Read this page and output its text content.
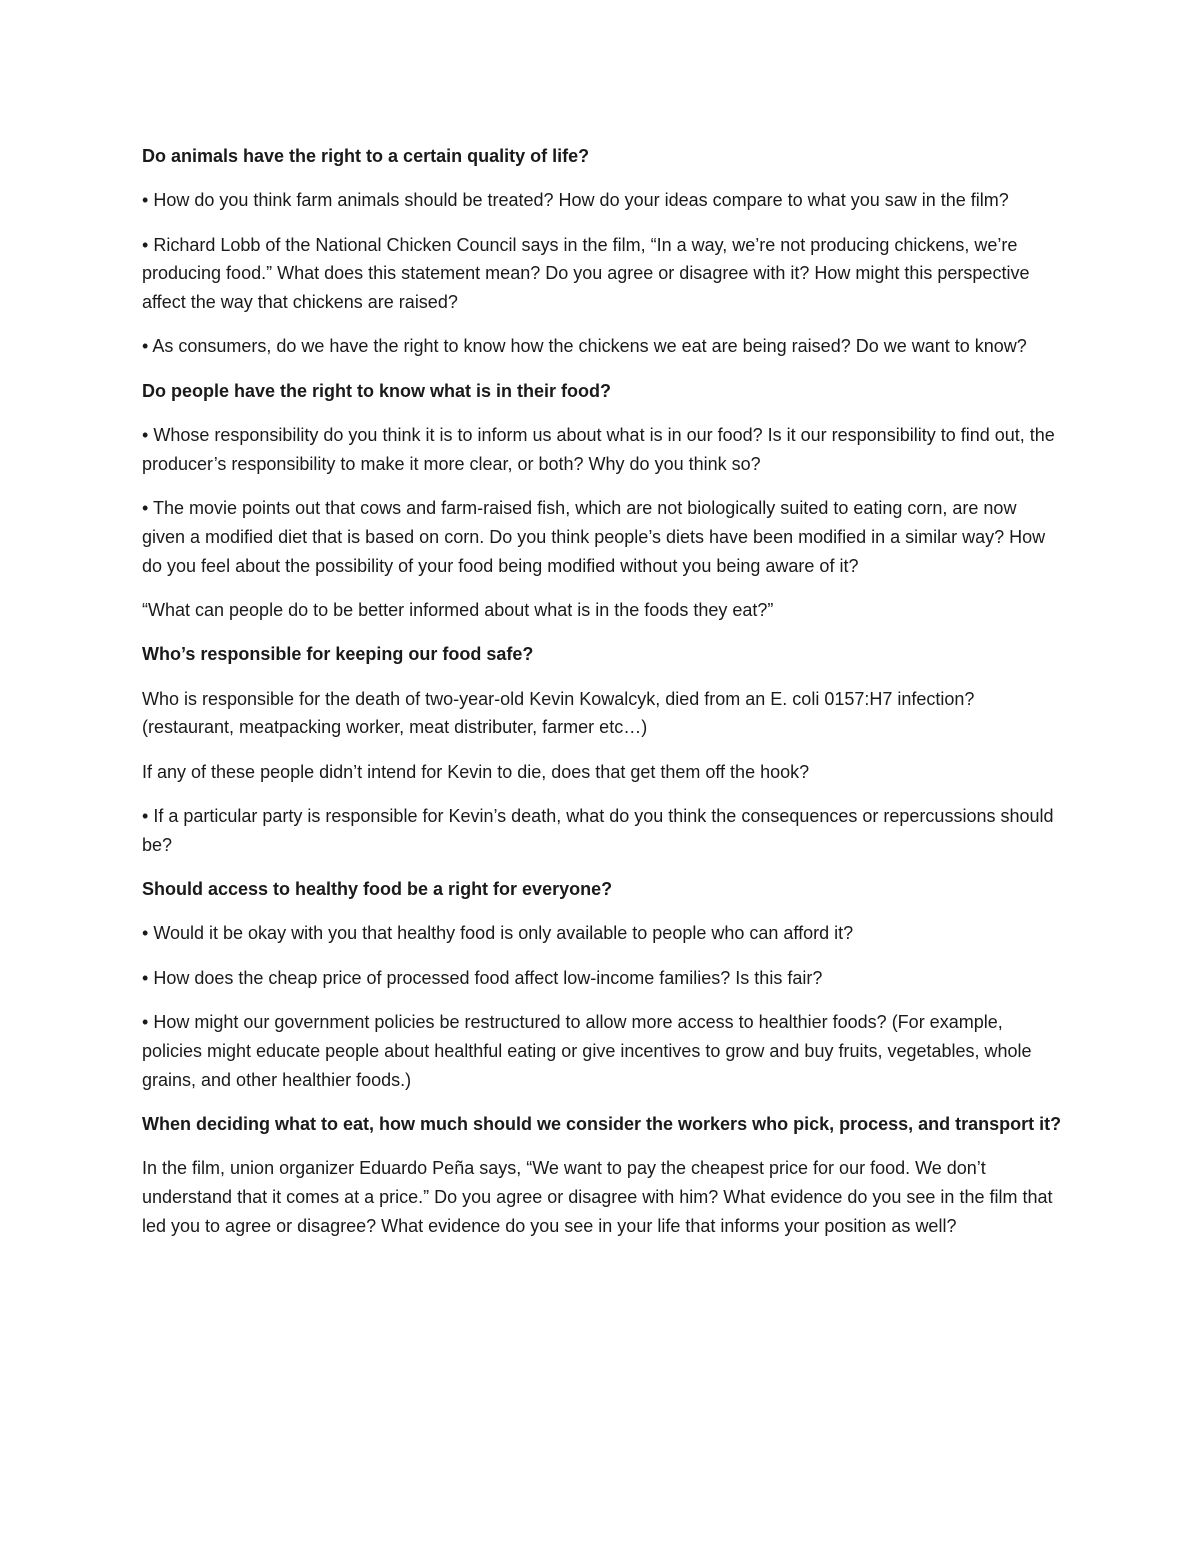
Do animals have the right to a certain quality of life?

• How do you think farm animals should be treated? How do your ideas compare to what you saw in the film?

• Richard Lobb of the National Chicken Council says in the film, “In a way, we’re not producing chickens, we’re producing food.” What does this statement mean? Do you agree or disagree with it? How might this perspective affect the way that chickens are raised?

• As consumers, do we have the right to know how the chickens we eat are being raised? Do we want to know?

Do people have the right to know what is in their food?

• Whose responsibility do you think it is to inform us about what is in our food? Is it our responsibility to find out, the producer’s responsibility to make it more clear, or both? Why do you think so?

• The movie points out that cows and farm-raised fish, which are not biologically suited to eating corn, are now given a modified diet that is based on corn. Do you think people’s diets have been modified in a similar way? How do you feel about the possibility of your food being modified without you being aware of it?

“What can people do to be better informed about what is in the foods they eat?”

Who’s responsible for keeping our food safe?

Who is responsible for the death of two-year-old Kevin Kowalcyk, died from an E. coli 0157:H7 infection? (restaurant, meatpacking worker, meat distributer, farmer etc…)

If any of these people didn’t intend for Kevin to die, does that get them off the hook?

• If a particular party is responsible for Kevin’s death, what do you think the consequences or repercussions should be?

Should access to healthy food be a right for everyone?

• Would it be okay with you that healthy food is only available to people who can afford it?

• How does the cheap price of processed food affect low-income families? Is this fair?

• How might our government policies be restructured to allow more access to healthier foods? (For example, policies might educate people about healthful eating or give incentives to grow and buy fruits, vegetables, whole grains, and other healthier foods.)

When deciding what to eat, how much should we consider the workers who pick, process, and transport it?

In the film, union organizer Eduardo Peña says, “We want to pay the cheapest price for our food. We don’t understand that it comes at a price.” Do you agree or disagree with him? What evidence do you see in the film that led you to agree or disagree? What evidence do you see in your life that informs your position as well?
